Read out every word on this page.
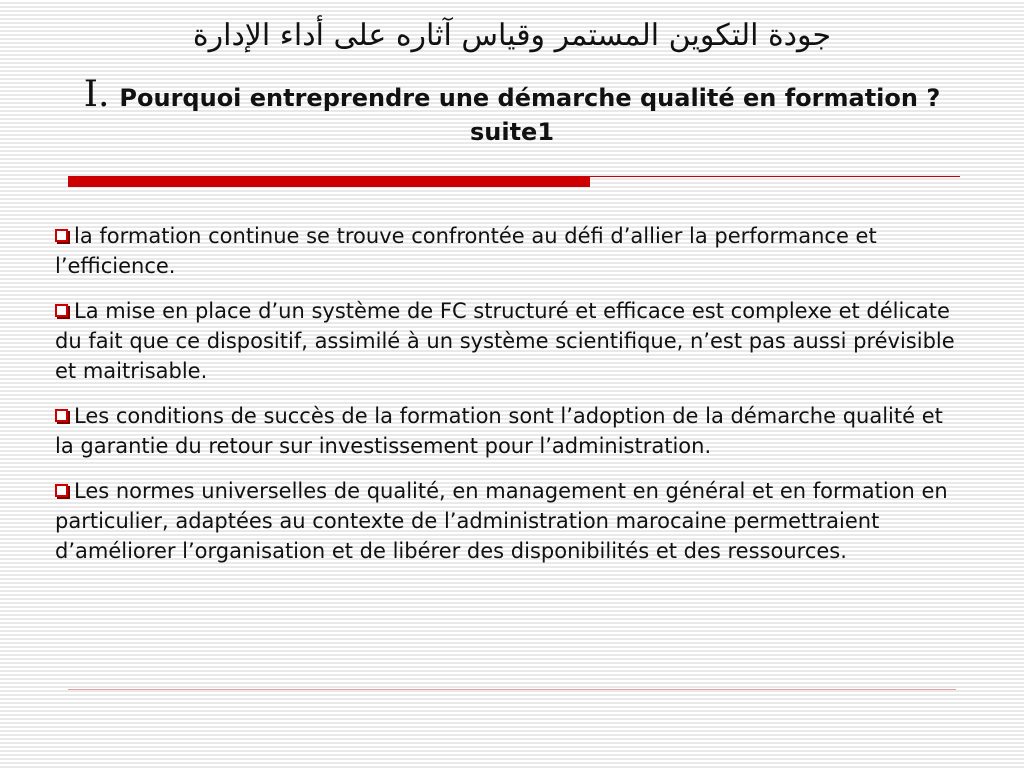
جودة التكوين المستمر وقياس آثاره على أداء الإدارة
I. Pourquoi entreprendre une démarche qualité en formation ? suite1
la formation continue se trouve confrontée au défi d’allier la performance et l’efficience.
La mise en place d’un système de FC structuré et efficace est complexe et délicate du fait que ce dispositif, assimilé à un système scientifique, n’est pas aussi prévisible et maitrisable.
Les conditions de succès de la formation sont l’adoption de la démarche qualité et la garantie du retour sur investissement pour l’administration.
Les normes universelles de qualité, en management en général et en formation en particulier, adaptées au contexte de l’administration marocaine permettraient d’améliorer l’organisation et de libérer des disponibilités et des ressources.
